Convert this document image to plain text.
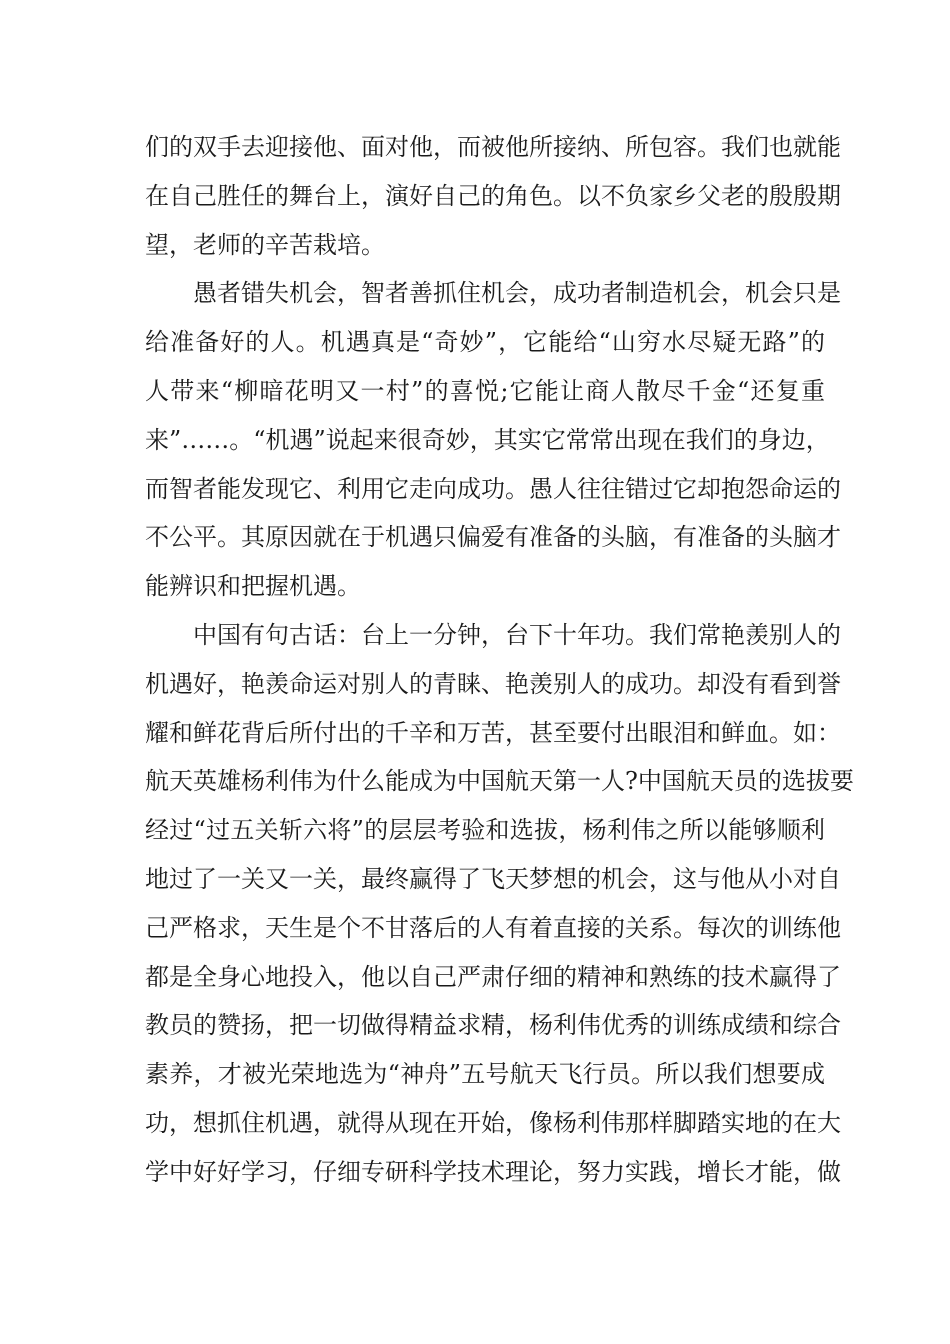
们的双手去迎接他、面对他，而被他所接纳、所包容。我们也就能
在自己胜任的舞台上，演好自己的角色。以不负家乡父老的殷殷期
望，老师的辛苦栽培。
愚者错失机会，智者善抓住机会，成功者制造机会，机会只是
给准备好的人。机遇真是“奇妙”，它能给“山穷水尽疑无路”的
人带来“柳暗花明又一村”的喜悦;它能让商人散尽千金“还复重
来”……。“机遇”说起来很奇妙，其实它常常出现在我们的身边，
而智者能发现它、利用它走向成功。愚人往往错过它却抱怨命运的
不公平。其原因就在于机遇只偏爱有准备的头脑，有准备的头脑才
能辨识和把握机遇。
中国有句古话：台上一分钟，台下十年功。我们常艳羡别人的
机遇好，艳羡命运对别人的青睐、艳羡别人的成功。却没有看到誉
耀和鲜花背后所付出的千辛和万苦，甚至要付出眼泪和鲜血。如：
航天英雄杨利伟为什么能成为中国航天第一人?中国航天员的选拔要
经过“过五关斩六将”的层层考验和选拔，杨利伟之所以能够顺利
地过了一关又一关，最终赢得了飞天梦想的机会，这与他从小对自
己严格求，天生是个不甘落后的人有着直接的关系。每次的训练他
都是全身心地投入，他以自己严肃仔细的精神和熟练的技术赢得了
教员的赞扬，把一切做得精益求精，杨利伟优秀的训练成绩和综合
素养，才被光荣地选为“神舟”五号航天飞行员。所以我们想要成
功，想抓住机遇，就得从现在开始，像杨利伟那样脚踏实地的在大
学中好好学习，仔细专研科学技术理论，努力实践，增长才能，做
